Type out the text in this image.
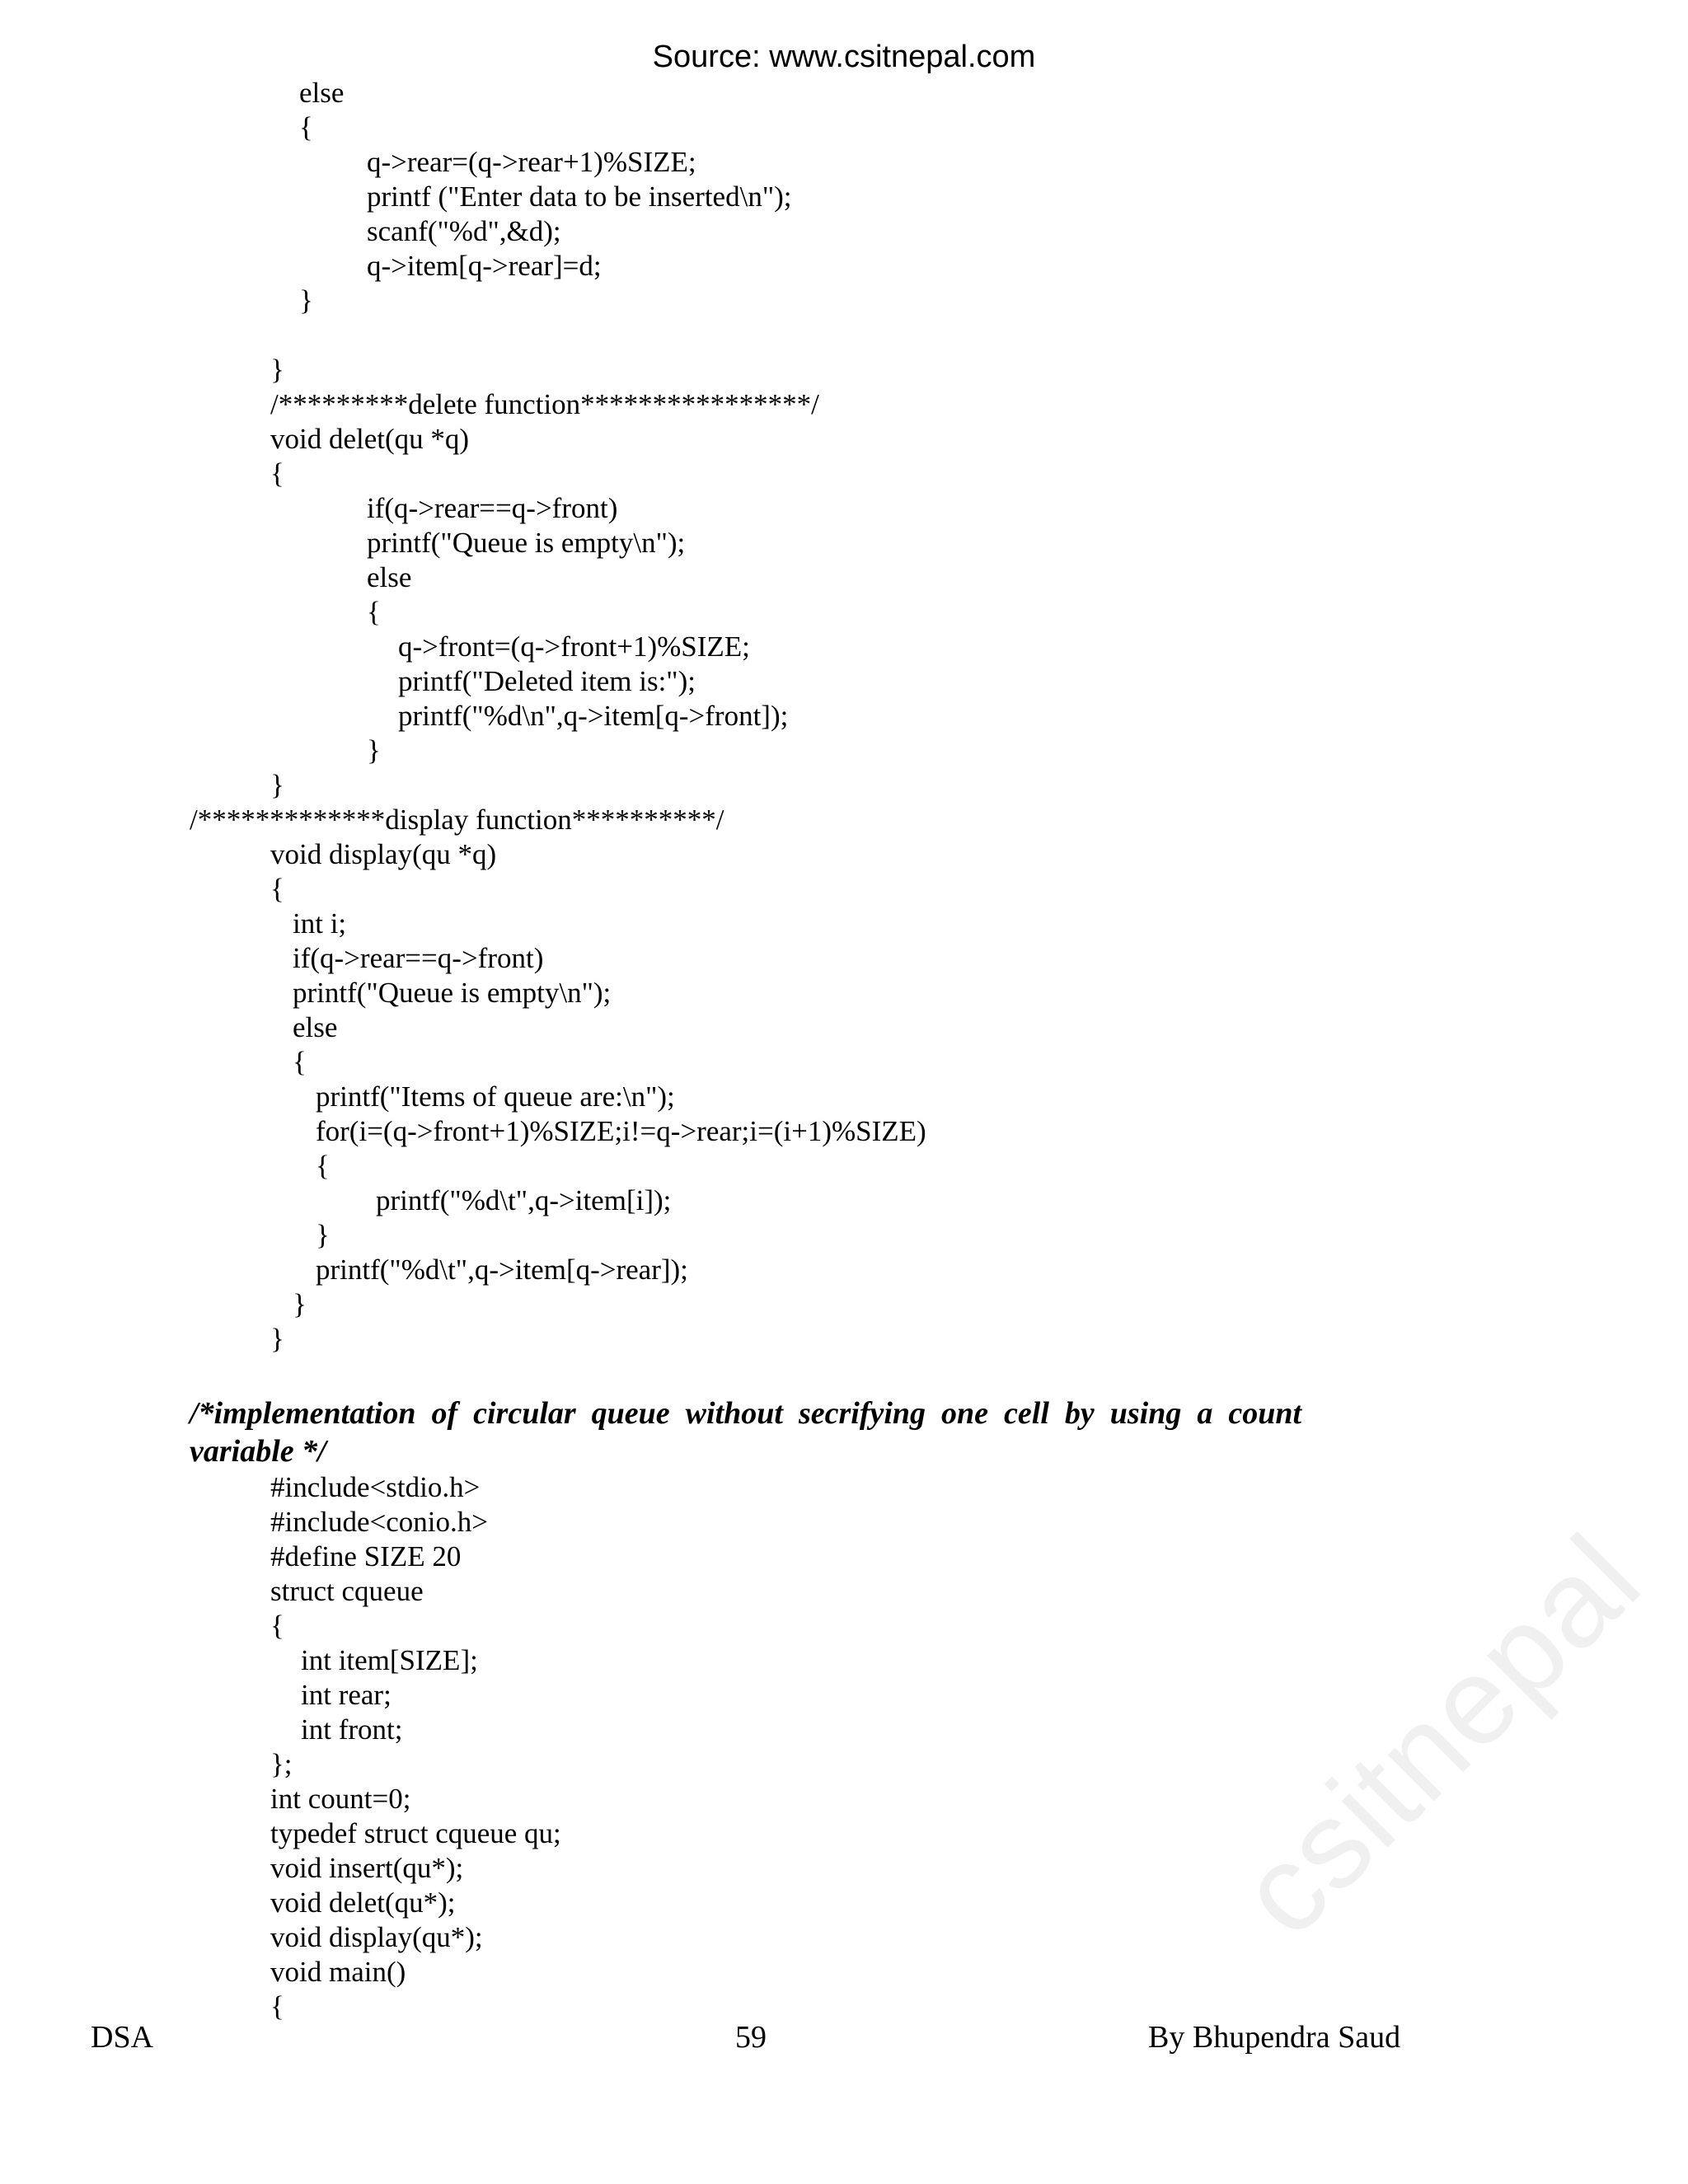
Source: www.csitnepal.com
else
{
q->rear=(q->rear+1)%SIZE;
printf ("Enter data to be inserted\n");
scanf("%d",&d);
q->item[q->rear]=d;
}
}
/*********delete function****************/
void delet(qu *q)
{
if(q->rear==q->front)
printf("Queue is empty\n");
else
{
q->front=(q->front+1)%SIZE;
printf("Deleted item is:");
printf("%d\n",q->item[q->front]);
}
}
/*************display function**********/
void display(qu *q)
{
int i;
if(q->rear==q->front)
printf("Queue is empty\n");
else
{
printf("Items of queue are:\n");
for(i=(q->front+1)%SIZE;i!=q->rear;i=(i+1)%SIZE)
{
printf("%d\t",q->item[i]);
}
printf("%d\t",q->item[q->rear]);
}
}
/*implementation  of  circular  queue  without  secrifying  one  cell  by  using  a  count
variable */
#include<stdio.h>
#include<conio.h>
#define SIZE 20
struct cqueue
{
int item[SIZE];
int rear;
int front;
};
int count=0;
typedef struct cqueue qu;
void insert(qu*);
void delet(qu*);
void display(qu*);
void main()
{
DSA	59	By Bhupendra Saud
csitnepal
